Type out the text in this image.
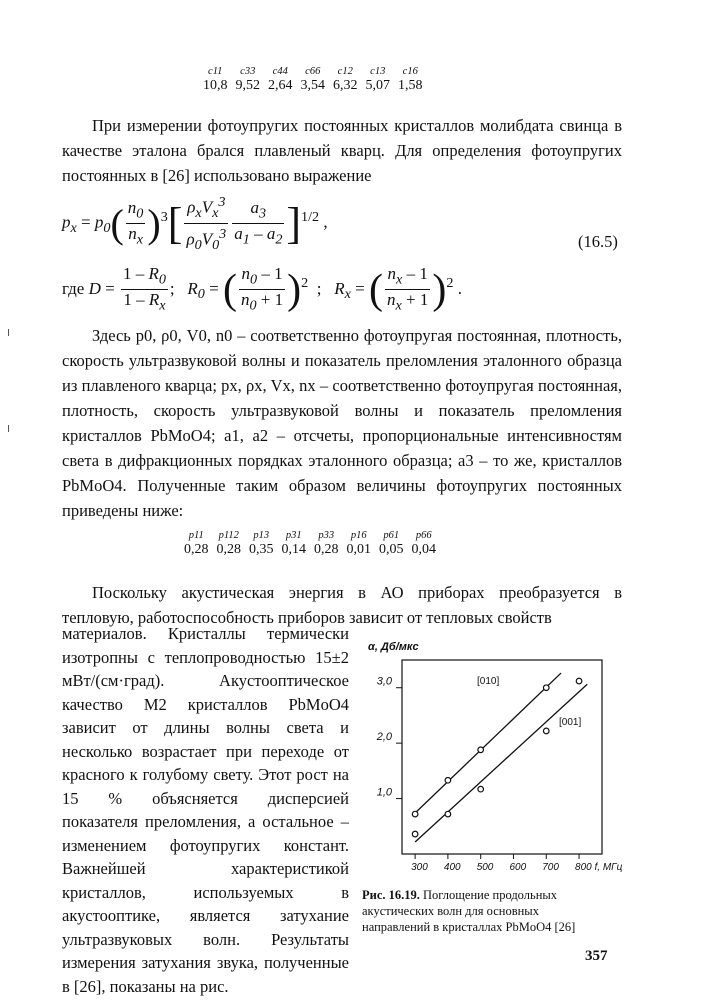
c11	c33	c44	c66	c12	c13	c16
10,8	9,52	2,64	3,54	6,32	5,07	1,58

При измерении фотоупругих постоянных кристаллов молибдата свинца в качестве эталона брался плавленый кварц. Для определения фотоупругих постоянных в [26] использовано выражение

$p_x = p_0( \frac{n_0}{n_x} )^3[ \frac{\rho_xV_x^3}{\rho_0V_0^3} \frac{a_3}{a_1 - a_2} ]^{1/2}$ ,
(16.5)
где $D = \frac{1 - R_0}{1 - R_x}$ ;   $R_0$ = ( $\frac{n_0 - 1}{n_0 + 1} )^2$  ;   $R_x$ = ( $\frac{n_x - 1}{n_x + 1} )^2$ .

Здесь p0, ρ0, V0, n0 – соответственно фотоупругая постоянная, плотность, скорость ультразвуковой волны и показатель преломления эталонного образца из плавленого кварца; px, ρx, Vx, nx – соответственно фотоупругая постоянная, плотность, скорость ультразвуковой волны и показатель преломления кристаллов PbMoO4; a1, a2 – отсчеты, пропорциональные интенсивностям света в дифракционных порядках эталонного образца; a3 – то же, кристаллов PbMoO4. Полученные таким образом величины фотоупругих постоянных приведены ниже:

p11	p112	p13	p31	p33	p16	p61	p66
0,28	0,28	0,35	0,14	0,28	0,01	0,05	0,04

Поскольку акустическая энергия в АО приборах преобразуется в тепловую, работоспособность приборов зависит от тепловых свойств

материалов. Кристаллы термически изотропны с теплопроводностью 15±2 мВт/(см·град). Акустооптическое качество M2 кристаллов PbMoO4 зависит от длины волны света и несколько возрастает при переходе от красного к голубому свету. Этот рост на 15 % объясняется дисперсией показателя преломления, а остальное – изменением фотоупругих констант. Важнейшей характеристикой кристаллов, используемых в акустооптике, является затухание ультразвуковых волн. Результаты измерения затухания звука, полученные в [26], показаны на рис.

α, Дб/мкс
1,0
2,0
3,0
300 400 500 600 700 800 f, МГц
[010]
[001]
Рис. 16.19. Поглощение продольных акустических волн для основных направлений в кристаллах PbMoO4 [26]
357
